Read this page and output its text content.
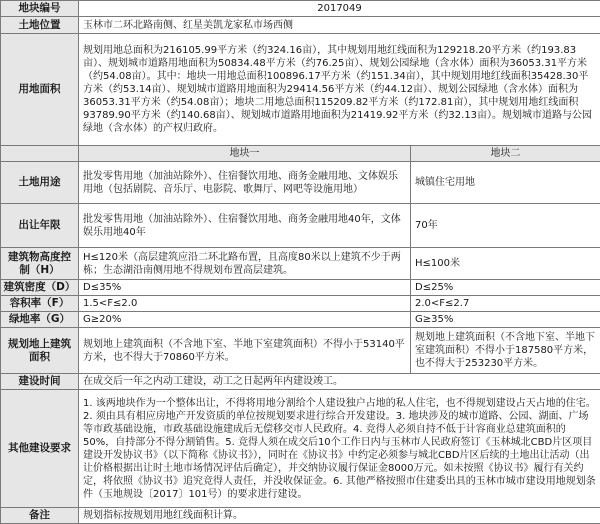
地块编号	2017049	
土地位置	玉林市二环北路南侧、红星美凯龙家私市场西侧	
用地面积	规划用地总面积为216105.99平方米（约324.16亩），其中规划用地红线面积为129218.20平方米（约193.83亩）、规划城市道路用地面积为50834.48平方米（约76.25亩）、规划公园绿地（含水体）面积为36053.31平方米（约54.08亩）。其中：地块一用地总面积100896.17平方米（约151.34亩），其中规划用地红线面积35428.30平方米（约53.14亩）、规划城市道路用地面积为29414.56平方米（约44.12亩）、规划公园绿地（含水体）面积为36053.31平方米（约54.08亩）；地块二用地总面积115209.82平方米（约172.81亩），其中规划用地红线面积93789.90平方米（约140.68亩）、规划城市道路用地面积为21419.92平方米（约32.13亩）。规划城市道路与公园绿地（含水体）的产权归政府。	
	地块一	地块二
土地用途	批发零售用地（加油站除外）、住宿餐饮用地、商务金融用地、文体娱乐用地（包括剧院、音乐厅、电影院、歌舞厅、网吧等设施用地）	城镇住宅用地
出让年限	批发零售用地（加油站除外）、住宿餐饮用地、商务金融用地40年，文体娱乐用地40年	70年
建筑物高度控制（H）	H≤120米（高层建筑应沿二环北路布置，且高度80米以上建筑不少于两栋；生态湖沿南侧用地不得规划布置高层建筑。	H≤100米
建筑密度（D）	D≤35%	D≤25%
容积率（F）	1.5<F≤2.0	2.0<F≤2.7
绿地率（G）	G≥20%	G≥35%
规划地上建筑面积	规划地上建筑面积（不含地下室、半地下室建筑面积）不得小于53140平方米，也不得大于70860平方米。	规划地上建筑面积（不含地下室、半地下室建筑面积）不得小于187580平方米，也不得大于253230平方米。
建设时间	在成交后一年之内动工建设，动工之日起两年内建设竣工。	
其他建设要求	1. 该两地块作为一个整体出让，不得将用地分割给个人建设独户占地的私人住宅，也不得规划建设占天占地的住宅。2. 须由具有相应房地产开发资质的单位按规划要求进行综合开发建设。3. 地块涉及的城市道路、公园、湖面、广场等市政基础设施，市政基础设施建成后无偿移交市人民政府。4. 竞得人必须自持不低于计容商业总建筑面积的50%，自持部分不得分割销售。5. 竞得人须在成交后10个工作日内与玉林市人民政府签订《玉林城北CBD片区项目建设开发协议书》（以下简称《协议书》），同时在《协议书》中约定必须参与城北CBD片区后续的土地出让活动（出让价格根据出让时土地市场情况评估后确定），并交纳协议履行保证金8000万元。如未按照《协议书》履行有关约定，将依照《协议书》追究竞得人责任，并没收保证金。6. 其他严格按照市住建委出具的玉林市城市建设用地规划条件（玉地规设〔2017〕101号）的要求进行建设。	
备注	规划指标按规划用地红线面积计算。	
